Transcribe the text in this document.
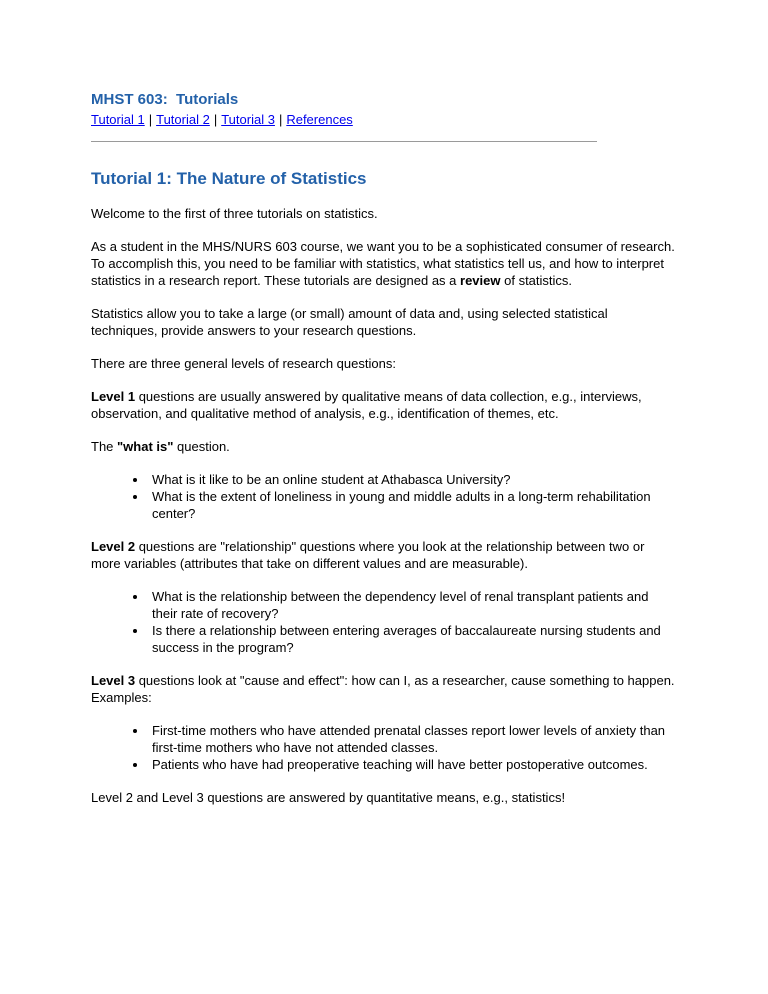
MHST 603:  Tutorials
Tutorial 1 | Tutorial 2 | Tutorial 3 | References
Tutorial 1: The Nature of Statistics

Welcome to the first of three tutorials on statistics.

As a student in the MHS/NURS 603 course, we want you to be a sophisticated consumer of research. To accomplish this, you need to be familiar with statistics, what statistics tell us, and how to interpret statistics in a research report. These tutorials are designed as a review of statistics.

Statistics allow you to take a large (or small) amount of data and, using selected statistical techniques, provide answers to your research questions.

There are three general levels of research questions:

Level 1 questions are usually answered by qualitative means of data collection, e.g., interviews, observation, and qualitative method of analysis, e.g., identification of themes, etc.

The "what is" question.

• What is it like to be an online student at Athabasca University?
• What is the extent of loneliness in young and middle adults in a long-term rehabilitation center?

Level 2 questions are "relationship" questions where you look at the relationship between two or more variables (attributes that take on different values and are measurable).

• What is the relationship between the dependency level of renal transplant patients and their rate of recovery?
• Is there a relationship between entering averages of baccalaureate nursing students and success in the program?

Level 3 questions look at "cause and effect": how can I, as a researcher, cause something to happen. Examples:

• First-time mothers who have attended prenatal classes report lower levels of anxiety than first-time mothers who have not attended classes.
• Patients who have had preoperative teaching will have better postoperative outcomes.

Level 2 and Level 3 questions are answered by quantitative means, e.g., statistics!
